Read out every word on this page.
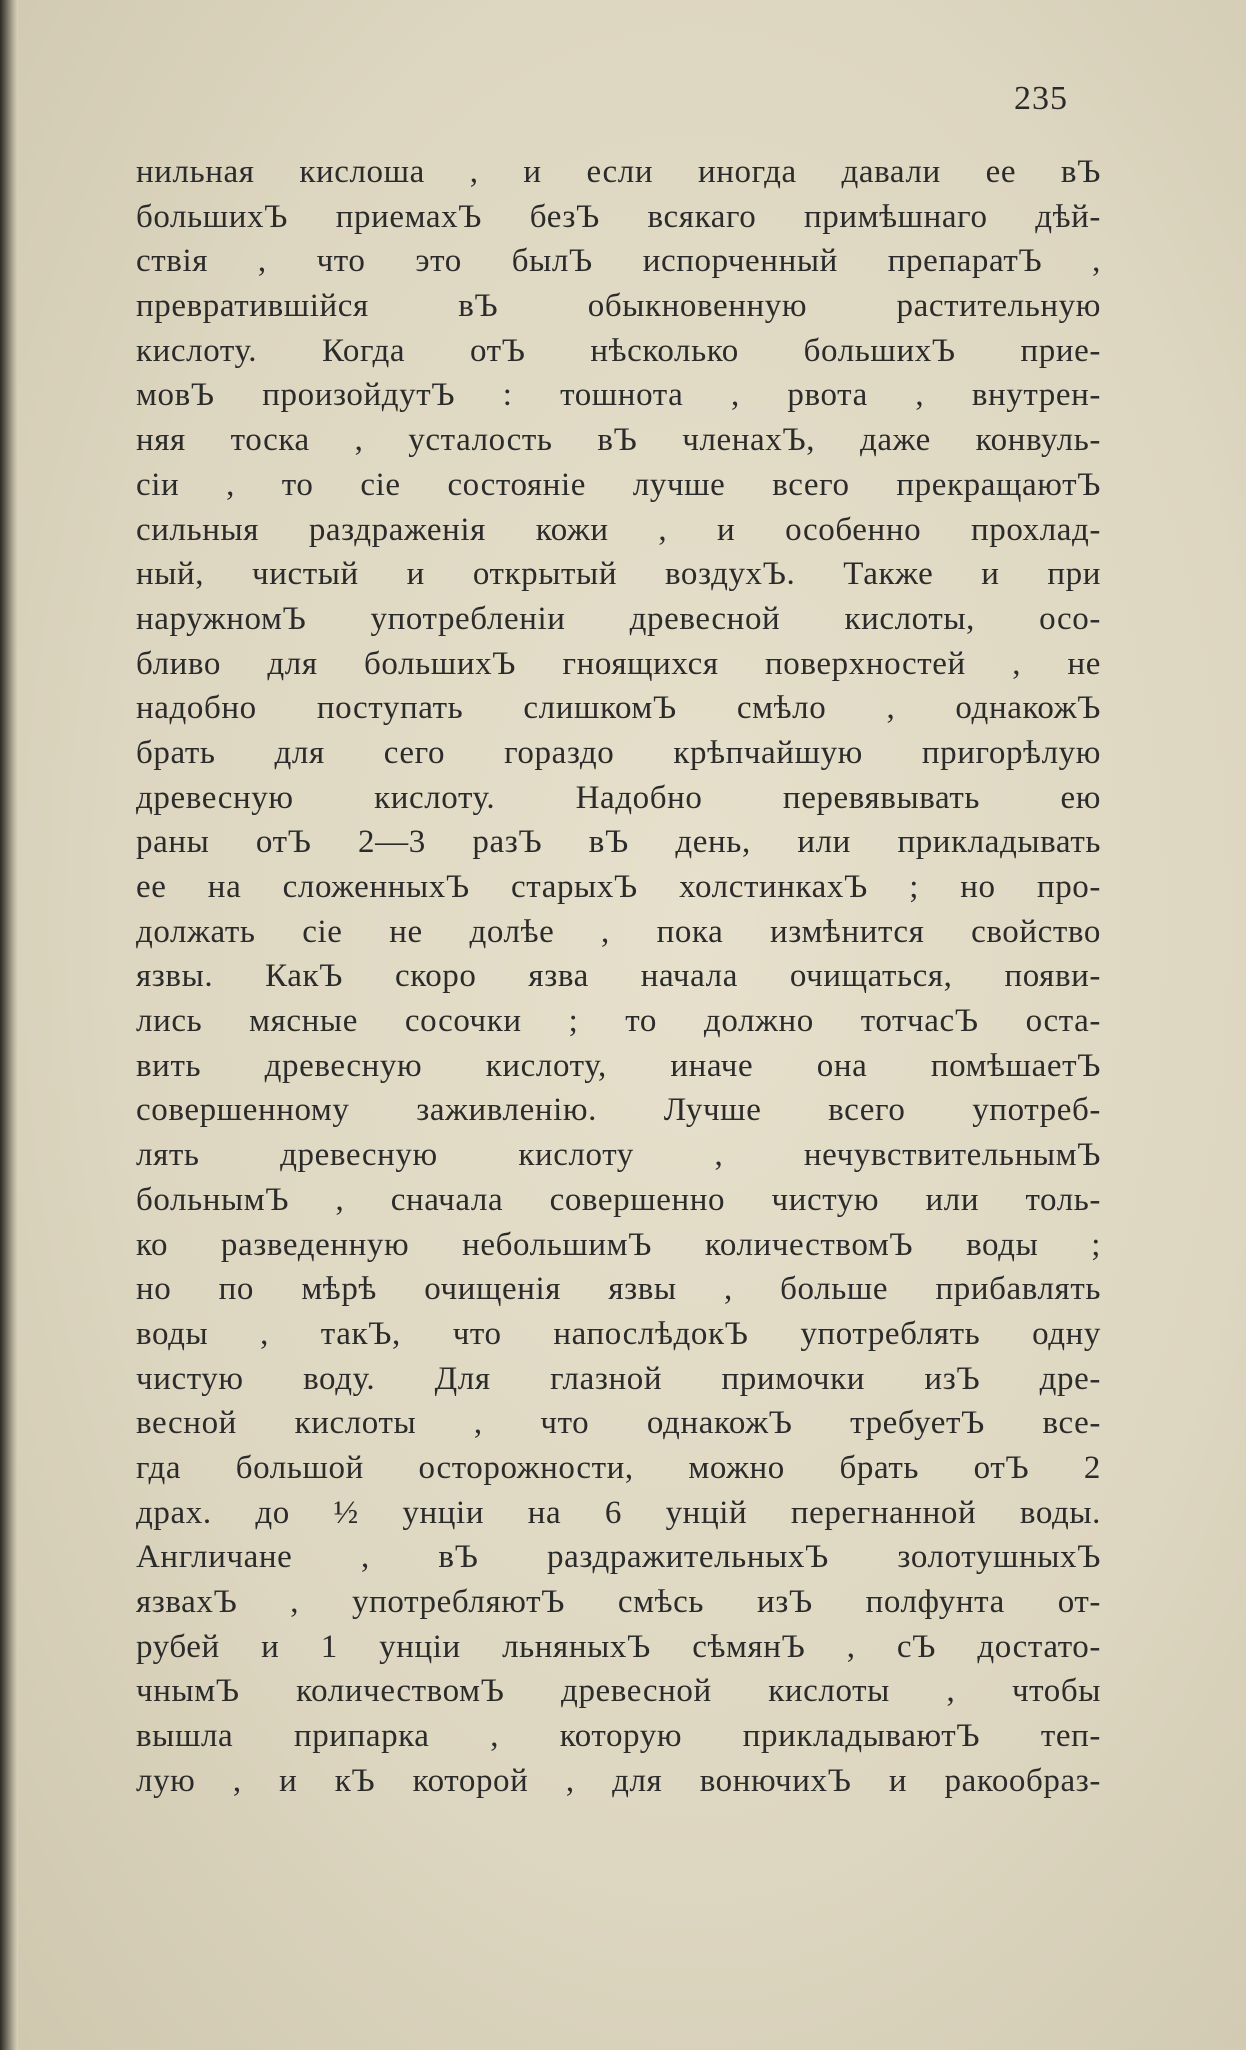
235
нильная кислоша , и если иногда давали ее вЪ
большихЪ приемахЪ безЪ всякаго примѣшнаго дѣй-
ствія , что это былЪ испорченный препаратЪ ,
превратившійся вЪ обыкновенную растительную
кислоту. Когда отЪ нѣсколько большихЪ прие-
мовЪ произойдутЪ : тошнота , рвота , внутрен-
няя тоска , усталость вЪ членахЪ, даже конвуль-
сіи , то сіе состояніе лучше всего прекращаютЪ
сильныя раздраженія кожи , и особенно прохлад-
ный, чистый и открытый воздухЪ. Также и при
наружномЪ употребленіи древесной кислоты, осо-
бливо для большихЪ гноящихся поверхностей , не
надобно поступать слишкомЪ смѣло , однакожЪ
брать для сего гораздо крѣпчайшую пригорѣлую
древесную кислоту. Надобно перевявывать ею
раны отЪ 2—3 разЪ вЪ день, или прикладывать
ее на сложенныхЪ старыхЪ холстинкахЪ ; но про-
должать сіе не долѣе , пока измѣнится свойство
язвы. КакЪ скоро язва начала очищаться, появи-
лись мясные сосочки ; то должно тотчасЪ оста-
вить древесную кислоту, иначе она помѣшаетЪ
совершенному заживленію. Лучше всего употреб-
лять древесную кислоту , нечувствительнымЪ
больнымЪ , сначала совершенно чистую или толь-
ко разведенную небольшимЪ количествомЪ воды ;
но по мѣрѣ очищенія язвы , больше прибавлять
воды , такЪ, что напослѣдокЪ употреблять одну
чистую воду. Для глазной примочки изЪ дре-
весной кислоты , что однакожЪ требуетЪ все-
гда большой осторожности, можно брать отЪ 2
драх. до ½ унціи на 6 унцій перегнанной воды.
Англичане , вЪ раздражительныхЪ золотушныхЪ
язвахЪ , употребляютЪ смѣсь изЪ полфунта от-
рубей и 1 унціи льняныхЪ сѣмянЪ , сЪ достато-
чнымЪ количествомЪ древесной кислоты , чтобы
вышла припарка , которую прикладываютЪ теп-
лую , и кЪ которой , для вонючихЪ и ракообраз-
